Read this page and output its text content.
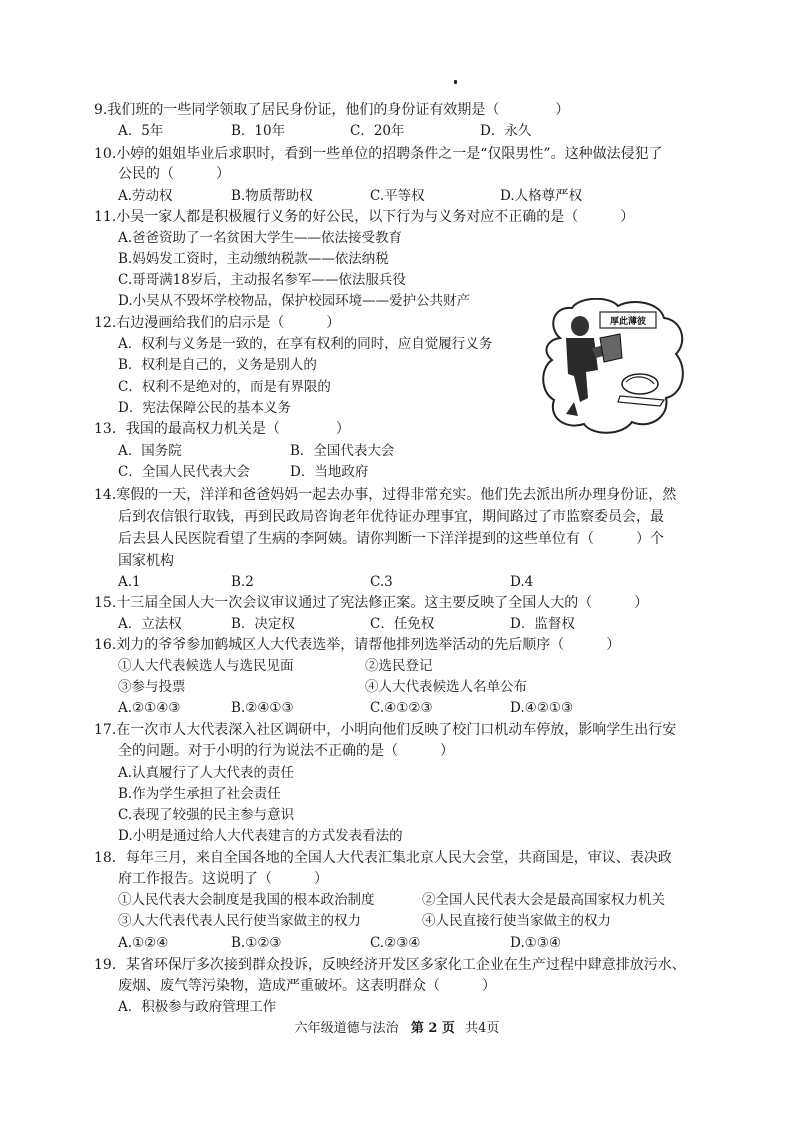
9.我们班的一些同学领取了居民身份证，他们的身份证有效期是（　　　　）
A．5年	B．10年	C．20年	D．永久
10.小婷的姐姐毕业后求职时，看到一些单位的招聘条件之一是“仅限男性”。这种做法侵犯了
公民的（　　　）
A.劳动权	B.物质帮助权	C.平等权	D.人格尊严权
11.小吴一家人都是积极履行义务的好公民，以下行为与义务对应不正确的是（　　　）
A.爸爸资助了一名贫困大学生——依法接受教育
B.妈妈发工资时，主动缴纳税款——依法纳税
C.哥哥满18岁后，主动报名参军——依法服兵役
D.小吴从不毁坏学校物品，保护校园环境——爱护公共财产
12.右边漫画给我们的启示是（　　　）
A．权利与义务是一致的，在享有权利的同时，应自觉履行义务
B．权利是自己的，义务是别人的
C．权利不是绝对的，而是有界限的
D．宪法保障公民的基本义务
厚此薄彼
13．我国的最高权力机关是（　　　　）
A．国务院	B．全国代表大会
C．全国人民代表大会	D．当地政府
14.寒假的一天，洋洋和爸爸妈妈一起去办事，过得非常充实。他们先去派出所办理身份证，然
后到农信银行取钱，再到民政局咨询老年优待证办理事宜，期间路过了市监察委员会，最
后去县人民医院看望了生病的李阿姨。请你判断一下洋洋提到的这些单位有（　　　）个
国家机构
A.1	B.2	C.3	D.4
15.十三届全国人大一次会议审议通过了宪法修正案。这主要反映了全国人大的（　　　）
A．立法权	B．决定权	C．任免权	D．监督权
16.刘力的爷爷参加鹤城区人大代表选举，请帮他排列选举活动的先后顺序（　　　）
①人大代表候选人与选民见面	②选民登记
③参与投票	④人大代表候选人名单公布
A.②①④③	B.②④①③	C.④①②③	D.④②①③
17.在一次市人大代表深入社区调研中，小明向他们反映了校门口机动车停放，影响学生出行安
全的问题。对于小明的行为说法不正确的是（　　　）
A.认真履行了人大代表的责任
B.作为学生承担了社会责任
C.表现了较强的民主参与意识
D.小明是通过给人大代表建言的方式发表看法的
18．每年三月，来自全国各地的全国人大代表汇集北京人民大会堂，共商国是，审议、表决政
府工作报告。这说明了（　　　）
①人民代表大会制度是我国的根本政治制度	②全国人民代表大会是最高国家权力机关
③人大代表代表人民行使当家做主的权力	④人民直接行使当家做主的权力
A.①②④	B.①②③	C.②③④	D.①③④
19．某省环保厅多次接到群众投诉，反映经济开发区多家化工企业在生产过程中肆意排放污水、
废烟、废气等污染物，造成严重破坏。这表明群众（　　　）
A．积极参与政府管理工作
六年级道德与法治 第 2 页 共4页
